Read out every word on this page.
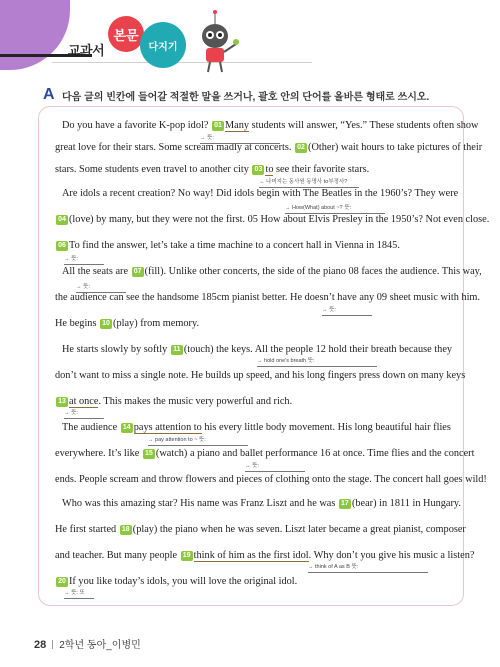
교과서
본문
다지기
A 다음 글의 빈칸에 들어갈 적절한 말을 쓰거나, 괄호 안의 단어를 올바른 형태로 쓰시오.
Do you have a favorite K-pop idol? 01 Many students will answer, “Yes.” These students often show
great love for their stars. Some scream madly at concerts. 02 (Other) wait hours to take pictures of their
stars. Some students even travel to another city 03 to see their favorite stars.
Are idols a recent creation? No way! Did idols begin with The Beatles in the 1960’s? They were
04 (love) by many, but they were not the first. 05 How about Elvis Presley in the 1950’s? Not even close.
06 To find the answer, let’s take a time machine to a concert hall in Vienna in 1845.
All the seats are 07 (fill). Unlike other concerts, the side of the piano 08 faces the audience. This way,
the audience can see the handsome 185cm pianist better. He doesn’t have any 09 sheet music with him.
He begins 10 (play) from memory.
He starts slowly by softly 11 (touch) the keys. All the people 12 hold their breath because they
don’t want to miss a single note. He builds up speed, and his long fingers press down on many keys
13 at once. This makes the music very powerful and rich.
The audience 14 pays attention to his every little body movement. His long beautiful hair flies
everywhere. It’s like 15 (watch) a piano and ballet performance 16 at once. Time flies and the concert
ends. People scream and throw flowers and pieces of clothing onto the stage. The concert hall goes wild!
Who was this amazing star? His name was Franz Liszt and he was 17 (bear) in 1811 in Hungary.
He first started 18 (play) the piano when he was seven. Liszt later became a great pianist, composer
and teacher. But many people 19 think of him as the first idol. Why don’t you give his music a listen?
20 If you like today’s idols, you will love the original idol.
→ 뜻:
→ 나머지는 동사원 동명사 to부정사?
→ How(What) about ~? 뜻:
→ 뜻:
→ 뜻:
→ 뜻:
→ hold one’s breath 뜻:
→ 뜻:
→ pay attention to ~ 뜻:
→ 뜻:
→ think of A as B 뜻:
→ 뜻: 또
28 2학년 동아_이병민
